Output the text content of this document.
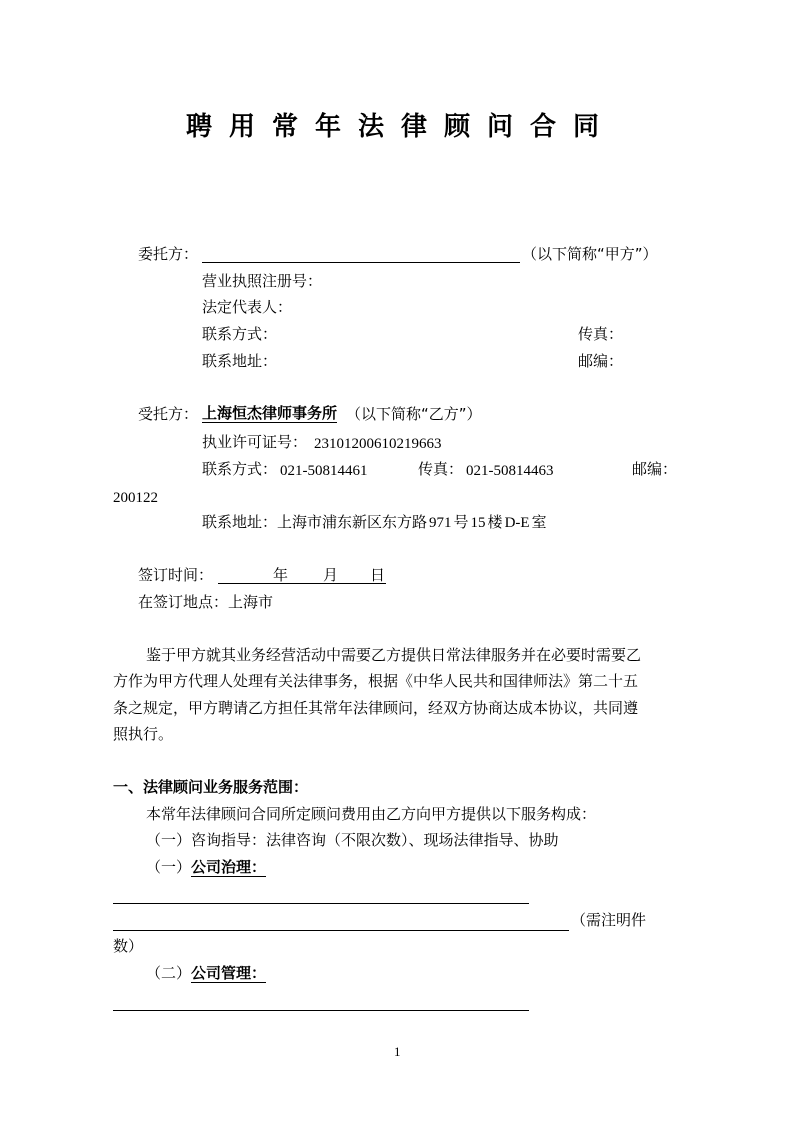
聘用常年法律顾问合同
委托方：	（以下简称“甲方”）
营业执照注册号：
法定代表人：
联系方式：	传真：
联系地址：	邮编：
受托方： 上海恒杰律师事务所 （以下简称“乙方”）
执业许可证号： 23101200610219663
联系方式： 021-50814461	传真： 021-50814463	邮编：
200122
联系地址：上海市浦东新区东方路 971 号 15 楼 D-E 室
签订时间：	年 月 日
在签订地点：上海市
鉴于甲方就其业务经营活动中需要乙方提供日常法律服务并在必要时需要乙
方作为甲方代理人处理有关法律事务，根据《中华人民共和国律师法》第二十五
条之规定，甲方聘请乙方担任其常年法律顾问，经双方协商达成本协议，共同遵
照执行。
一、法律顾问业务服务范围：
本常年法律顾问合同所定顾问费用由乙方向甲方提供以下服务构成：
（一）咨询指导：法律咨询（不限次数）、现场法律指导、协助
（一）公司治理：
（需注明件
数）
（二）公司管理：
1
